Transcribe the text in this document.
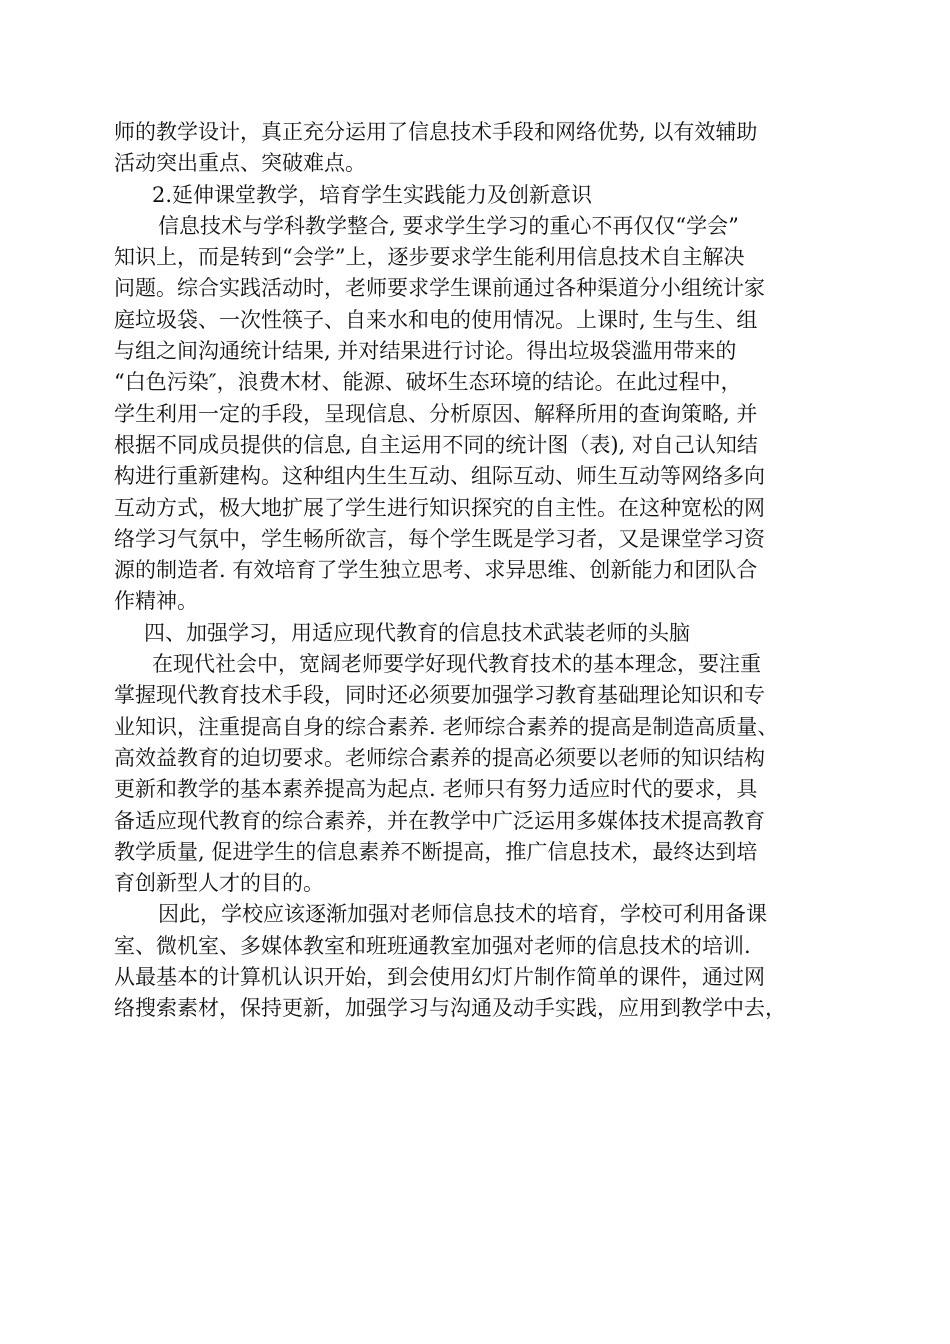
师的教学设计，真正充分运用了信息技术手段和网络优势, 以有效辅助
活动突出重点、突破难点。
2.延伸课堂教学，培育学生实践能力及创新意识
信息技术与学科教学整合, 要求学生学习的重心不再仅仅“学会”
知识上，而是转到“会学”上，逐步要求学生能利用信息技术自主解决
问题。综合实践活动时，老师要求学生课前通过各种渠道分小组统计家
庭垃圾袋、一次性筷子、自来水和电的使用情况。上课时, 生与生、组
与组之间沟通统计结果, 并对结果进行讨论。得出垃圾袋滥用带来的
“白色污染″，浪费木材、能源、破坏生态环境的结论。在此过程中，
学生利用一定的手段，呈现信息、分析原因、解释所用的查询策略, 并
根据不同成员提供的信息, 自主运用不同的统计图（表), 对自己认知结
构进行重新建构。这种组内生生互动、组际互动、师生互动等网络多向
互动方式，极大地扩展了学生进行知识探究的自主性。在这种宽松的网
络学习气氛中，学生畅所欲言，每个学生既是学习者，又是课堂学习资
源的制造者. 有效培育了学生独立思考、求异思维、创新能力和团队合
作精神。
四、加强学习，用适应现代教育的信息技术武装老师的头脑
在现代社会中，宽阔老师要学好现代教育技术的基本理念，要注重
掌握现代教育技术手段，同时还必须要加强学习教育基础理论知识和专
业知识，注重提高自身的综合素养. 老师综合素养的提高是制造高质量、
高效益教育的迫切要求。老师综合素养的提高必须要以老师的知识结构
更新和教学的基本素养提高为起点. 老师只有努力适应时代的要求，具
备适应现代教育的综合素养，并在教学中广泛运用多媒体技术提高教育
教学质量, 促进学生的信息素养不断提高，推广信息技术，最终达到培
育创新型人才的目的。
因此，学校应该逐渐加强对老师信息技术的培育，学校可利用备课
室、微机室、多媒体教室和班班通教室加强对老师的信息技术的培训.
从最基本的计算机认识开始，到会使用幻灯片制作简单的课件，通过网
络搜索素材，保持更新，加强学习与沟通及动手实践，应用到教学中去，
